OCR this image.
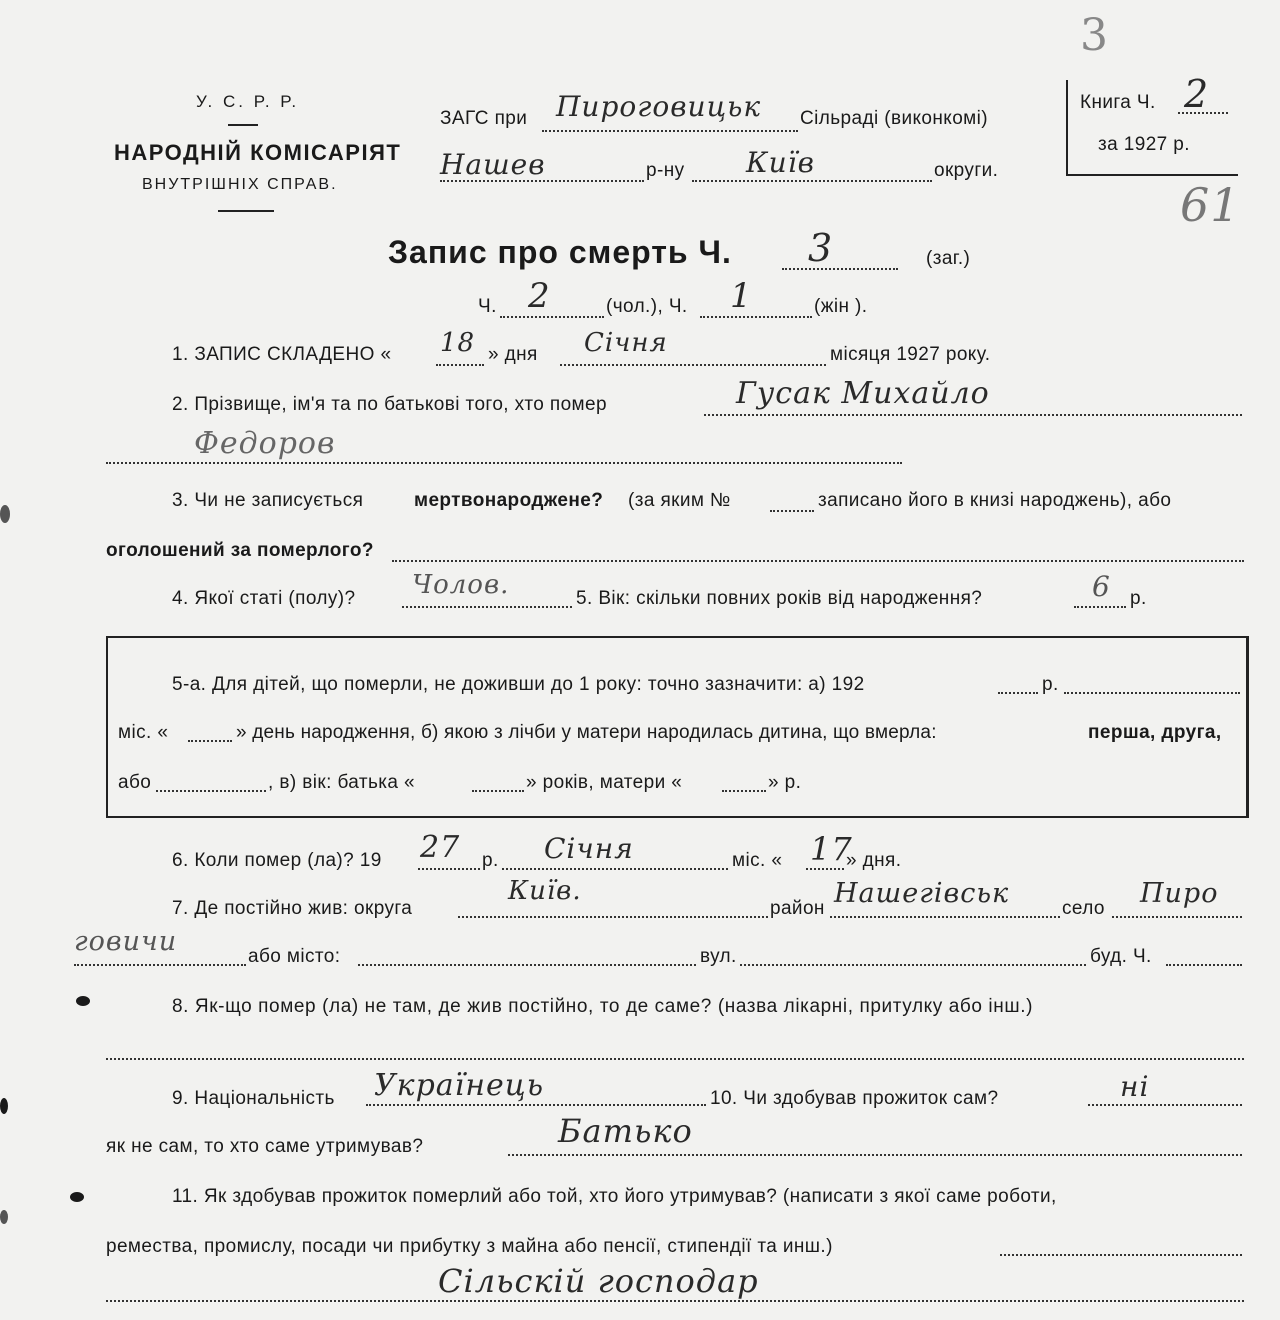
3
61
У. С. Р. Р.
НАРОДНІЙ КОМІСАРІЯТ
ВНУТРІШНІХ СПРАВ.
ЗАГС при Пироговицьк Сільраді (виконкомі)
Нашев	р-ну Київ	округи.
Книга Ч. 2
за 1927 р.
Запис про смерть Ч. 3	(заг.)
Ч. 2	(чол.), Ч. 1	(жін ).
1. ЗАПИС СКЛАДЕНО « 18 » дня Січня	місяця 1927 року.
2. Прізвище, ім'я та по батькові того, хто помер	Гусак Михайло
Федоров
3. Чи не записується	мертвонароджене? (за яким №	записано його в книзі народжень), або
оголошений за померлого?
4. Якої статі (полу)? Чолов.	5. Вік: скільки повних років від народження?	6 р.
5-а. Для дітей, що померли, не доживши до 1 року: точно зазначити: а) 192	р.
міс. «	» день народження, б) якою з лічби у матери народилась дитина, що вмерла:	перша, друга,
або	, в) вік: батька «	» років, матери «	» р.
6. Коли помер (ла)? 19 27 р. Січня	міс. « 17
» дня.
7. Де постійно жив: округа
Київ.
район Нашегівськ	село Пиро
говичи	або місто:	вул.	буд. Ч.
8. Як-що помер (ла) не там, де жив постійно, то де саме? (назва лікарні, притулку або інш.)
9. Національність Українець	10. Чи здобував прожиток сам?	ні
як не сам, то хто саме утримував?	Батько
11. Як здобував прожиток померлий або той, хто його утримував? (написати з якої саме роботи,
ремества, промислу, посади чи прибутку з майна або пенсії, стипендії та инш.)
Сільскій господар
